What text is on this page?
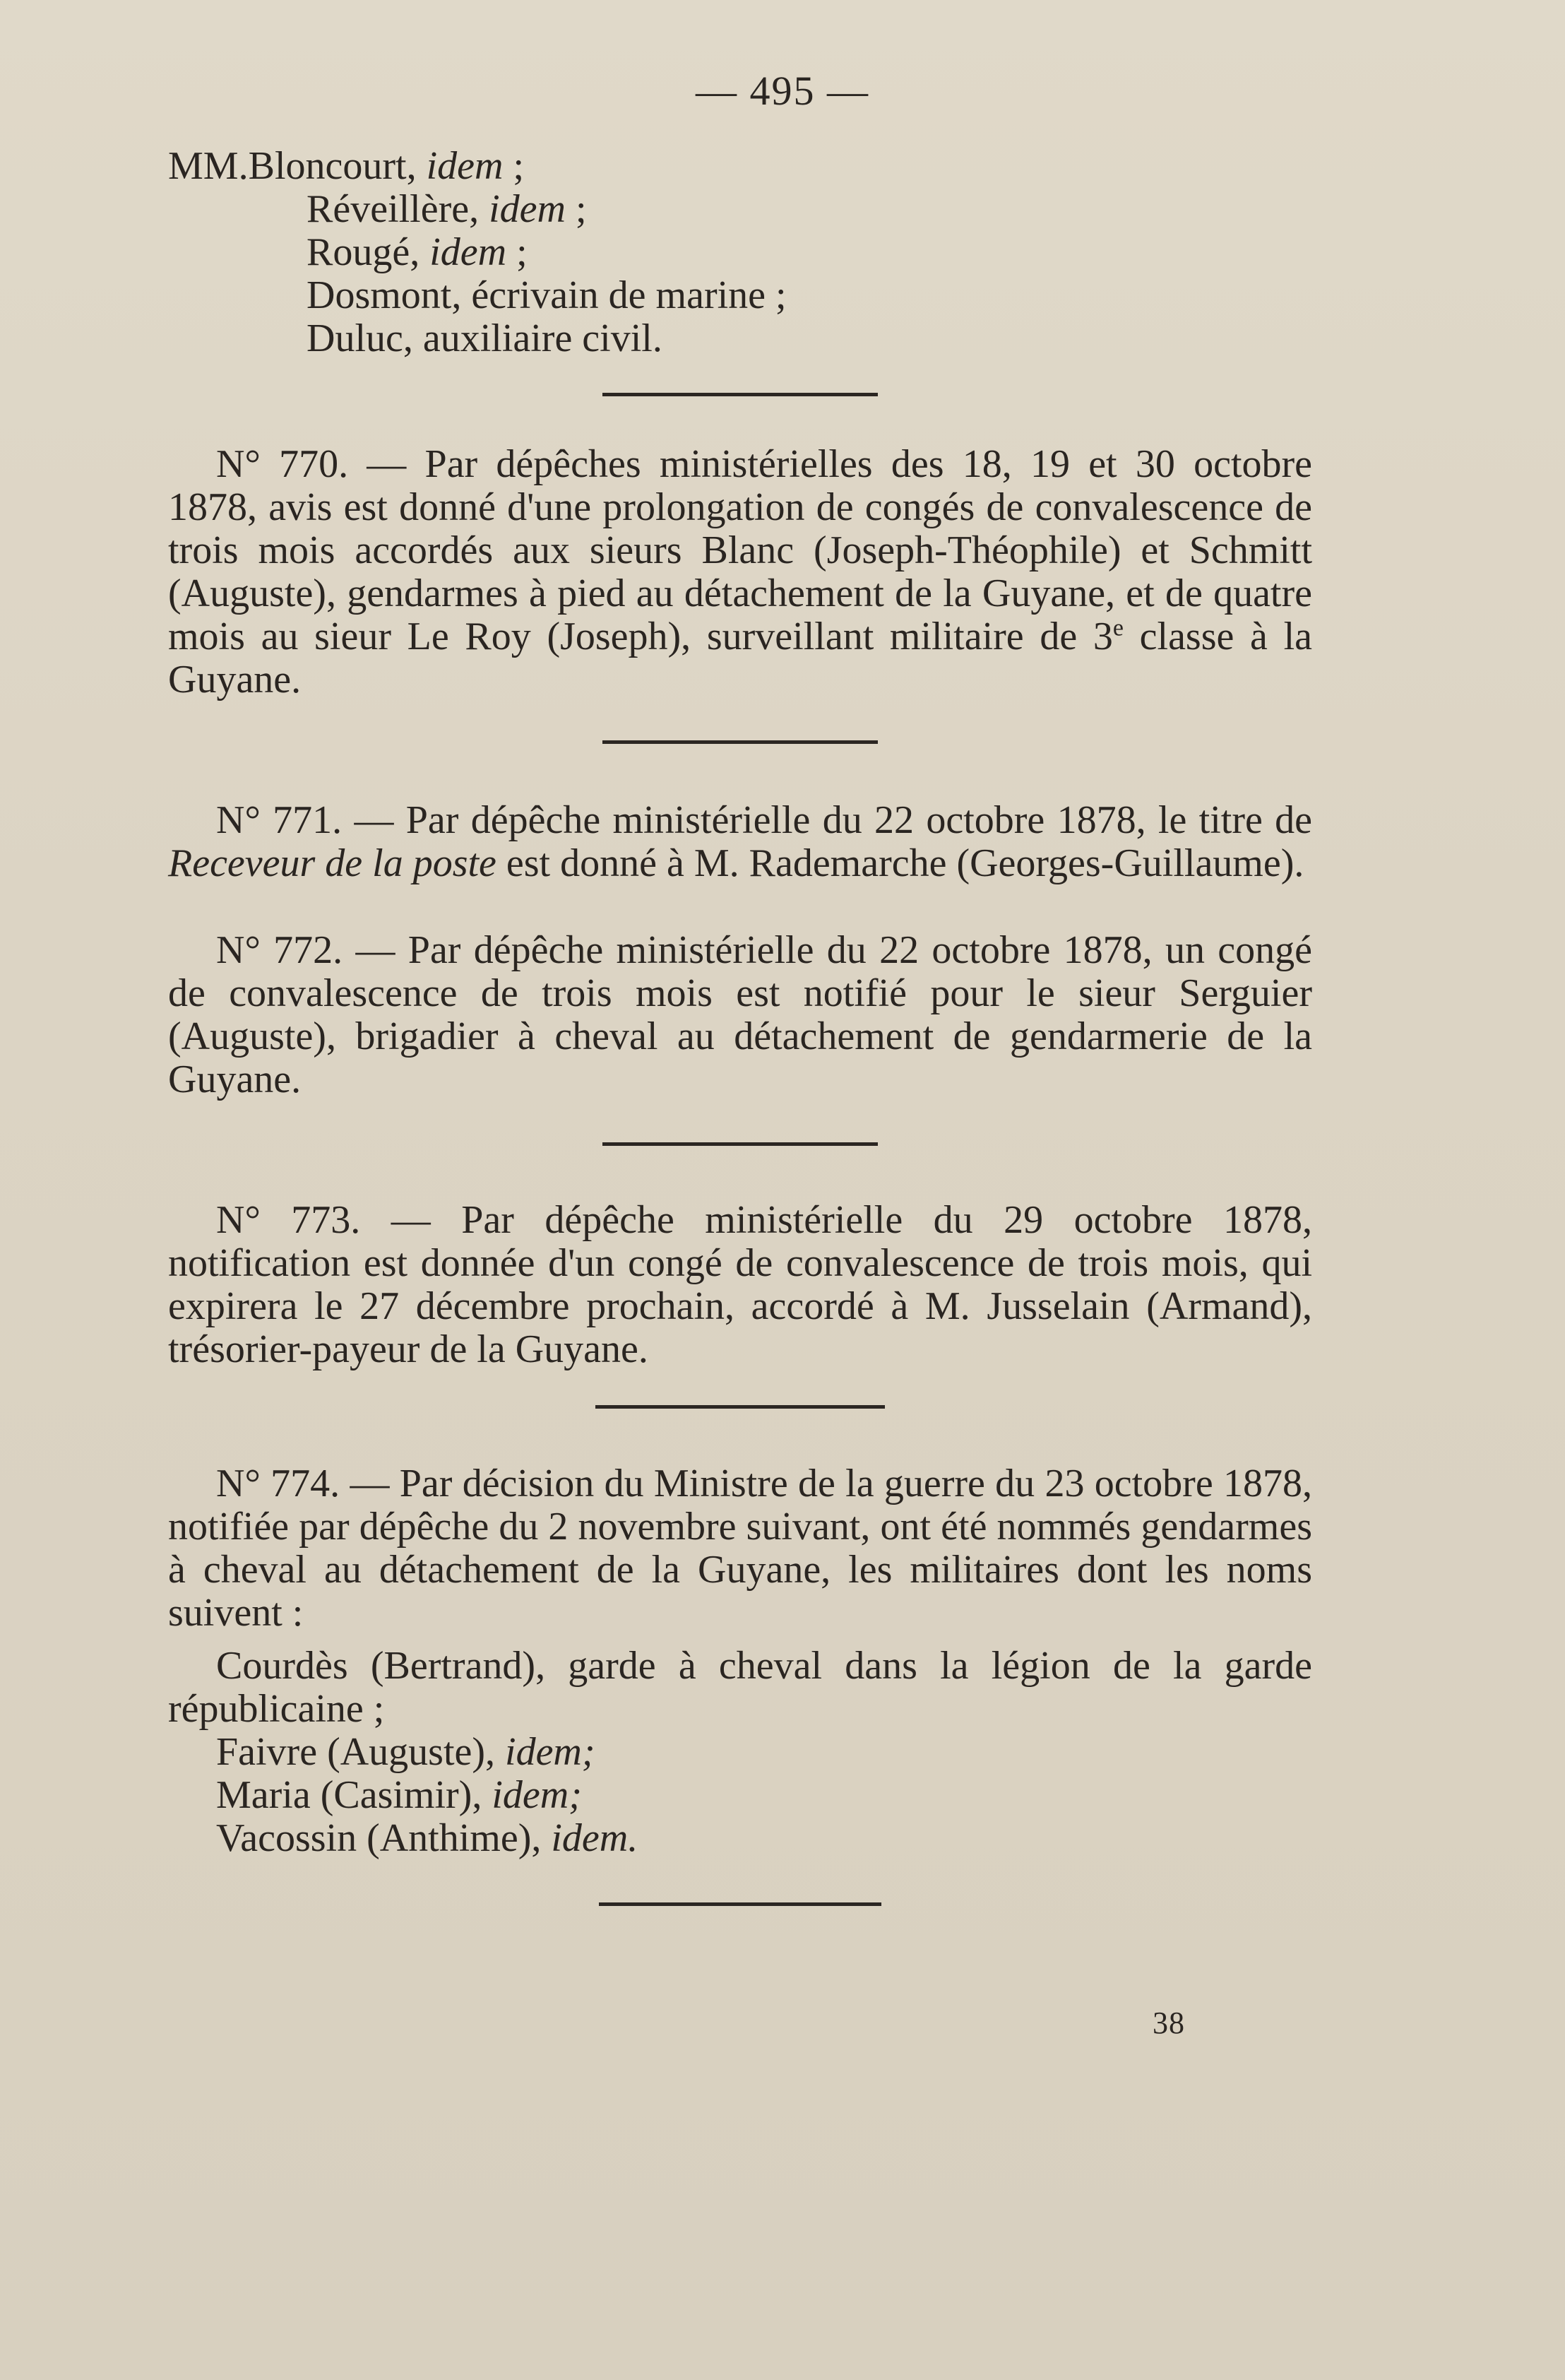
— 495 —

MM.Bloncourt, idem ;

Réveillère, idem ;

Rougé, idem ;

Dosmont, écrivain de marine ;

Duluc, auxiliaire civil.

N° 770. — Par dépêches ministérielles des 18, 19 et 30 octobre 1878, avis est donné d'une prolongation de congés de convalescence de trois mois accordés aux sieurs Blanc (Joseph-Théophile) et Schmitt (Auguste), gendarmes à pied au détachement de la Guyane, et de quatre mois au sieur Le Roy (Joseph), surveillant militaire de 3e classe à la Guyane.

N° 771. — Par dépêche ministérielle du 22 octobre 1878, le titre de Receveur de la poste est donné à M. Rademarche (Georges-Guillaume).

N° 772. — Par dépêche ministérielle du 22 octobre 1878, un congé de convalescence de trois mois est notifié pour le sieur Serguier (Auguste), brigadier à cheval au détachement de gendarmerie de la Guyane.

N° 773. — Par dépêche ministérielle du 29 octobre 1878, notification est donnée d'un congé de convalescence de trois mois, qui expirera le 27 décembre prochain, accordé à M. Jusselain (Armand), trésorier-payeur de la Guyane.

N° 774. — Par décision du Ministre de la guerre du 23 octobre 1878, notifiée par dépêche du 2 novembre suivant, ont été nommés gendarmes à cheval au détachement de la Guyane, les militaires dont les noms suivent :

Courdès (Bertrand), garde à cheval dans la légion de la garde républicaine ;

Faivre (Auguste), idem;

Maria (Casimir), idem;

Vacossin (Anthime), idem.

38
